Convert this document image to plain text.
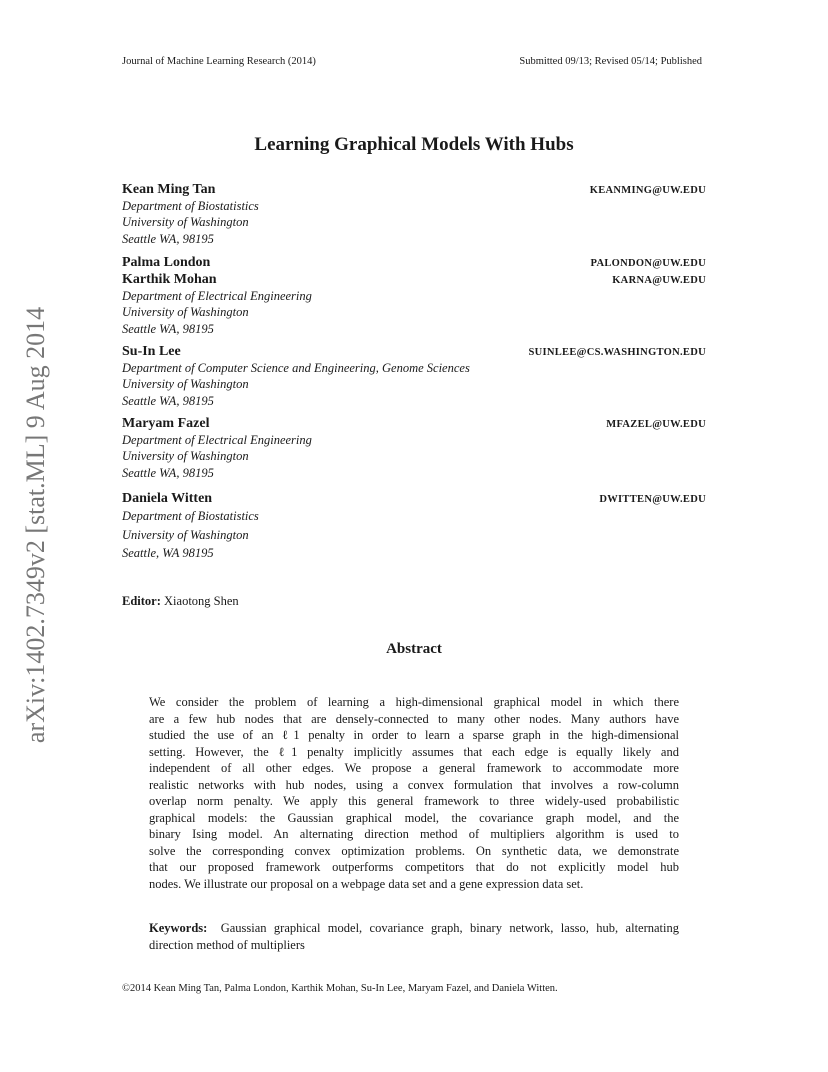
Journal of Machine Learning Research (2014)	Submitted 09/13; Revised 05/14; Published
Learning Graphical Models With Hubs
Kean Ming Tan	KEANMING@UW.EDU
Department of Biostatistics
University of Washington
Seattle WA, 98195
Palma London	PALONDON@UW.EDU
Karthik Mohan	KARNA@UW.EDU
Department of Electrical Engineering
University of Washington
Seattle WA, 98195
Su-In Lee	SUINLEE@CS.WASHINGTON.EDU
Department of Computer Science and Engineering, Genome Sciences
University of Washington
Seattle WA, 98195
Maryam Fazel	MFAZEL@UW.EDU
Department of Electrical Engineering
University of Washington
Seattle WA, 98195
Daniela Witten	DWITTEN@UW.EDU
Department of Biostatistics
University of Washington
Seattle, WA 98195
Editor: Xiaotong Shen
Abstract
We consider the problem of learning a high-dimensional graphical model in which there
are a few hub nodes that are densely-connected to many other nodes. Many authors have
studied the use of an ℓ1 penalty in order to learn a sparse graph in the high-dimensional
setting. However, the ℓ1 penalty implicitly assumes that each edge is equally likely and
independent of all other edges. We propose a general framework to accommodate more
realistic networks with hub nodes, using a convex formulation that involves a row-column
overlap norm penalty. We apply this general framework to three widely-used probabilistic
graphical models: the Gaussian graphical model, the covariance graph model, and the
binary Ising model. An alternating direction method of multipliers algorithm is used to
solve the corresponding convex optimization problems. On synthetic data, we demonstrate
that our proposed framework outperforms competitors that do not explicitly model hub
nodes. We illustrate our proposal on a webpage data set and a gene expression data set.
Keywords: Gaussian graphical model, covariance graph, binary network, lasso, hub, alternating direction method of multipliers
©2014 Kean Ming Tan, Palma London, Karthik Mohan, Su-In Lee, Maryam Fazel, and Daniela Witten.
arXiv:1402.7349v2 [stat.ML] 9 Aug 2014
